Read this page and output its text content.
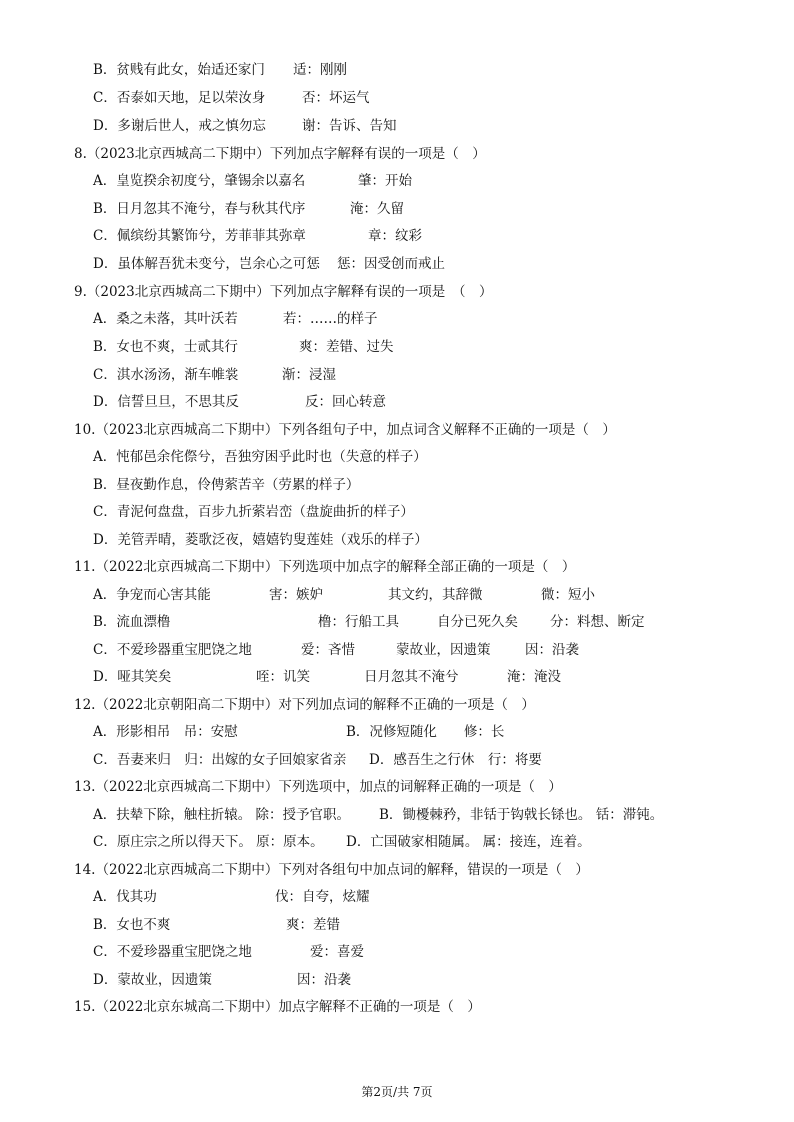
B．贫贱有此女，始适还家门 适：刚刚
C．否泰如天地，足以荣汝身	否：坏运气
D．多谢后世人，戒之慎勿忘	谢：告诉、告知
8.（2023北京西城高二下期中）下列加点字解释有误的一项是（　）
A．皇览揆余初度兮，肇锡余以嘉名	肇：开始
B．日月忽其不淹兮，春与秋其代序	淹：久留
C．佩缤纷其繁饰兮，芳菲菲其弥章	章：纹彩
D．虽体解吾犹未变兮，岂余心之可惩 惩：因受创而戒止
9.（2023北京西城高二下期中）下列加点字解释有误的一项是　（　）
A．桑之未落，其叶沃若	若：……的样子
B．女也不爽，士贰其行	爽：差错、过失
C．淇水汤汤，渐车帷裳	渐：浸湿
D．信誓旦旦，不思其反	反：回心转意
10.（2023北京西城高二下期中）下列各组句子中，加点词含义解释不正确的一项是（　）
A．忳郁邑余侘傺兮，吾独穷困乎此时也（失意的样子）
B．昼夜勤作息，伶俜萦苦辛（劳累的样子）
C．青泥何盘盘，百步九折萦岩峦（盘旋曲折的样子）
D．羌管弄晴，菱歌泛夜，嬉嬉钓叟莲娃（戏乐的样子）
11.（2022北京西城高二下期中）下列选项中加点字的解释全部正确的一项是（　）
A．争宠而心害其能	害：嫉妒	其文约，其辞微	微：短小
B．流血漂橹	橹：行船工具	自分已死久矣 分：料想、断定
C．不爱珍器重宝肥饶之地	爱：吝惜	蒙故业，因遗策	因：沿袭
D．哑其笑矣	咥：讥笑	日月忽其不淹兮	淹：淹没
12.（2022北京朝阳高二下期中）对下列加点词的解释不正确的一项是（　）
A．形影相吊　吊：安慰	B．况修短随化　　修：长
C．吾妻来归　归：出嫁的女子回娘家省亲 D．感吾生之行休　行：将要
13.（2022北京西城高二下期中）下列选项中，加点的词解释正确的一项是（　）
A．扶辇下除，触柱折辕。 除：授予官职。 B．锄櫌棘矜，非铦于钩戟长铩也。 铦：滞钝。
C．原庄宗之所以得天下。 原：原本。 D．亡国破家相随属。 属：接连，连着。
14.（2022北京西城高二下期中）下列对各组句中加点词的解释，错误的一项是（　）
A．伐其功	伐：自夸，炫耀
B．女也不爽	爽：差错
C．不爱珍器重宝肥饶之地	爱：喜爱
D．蒙故业，因遗策	因：沿袭
15.（2022北京东城高二下期中）加点字解释不正确的一项是（　）
第2页/共 7页
